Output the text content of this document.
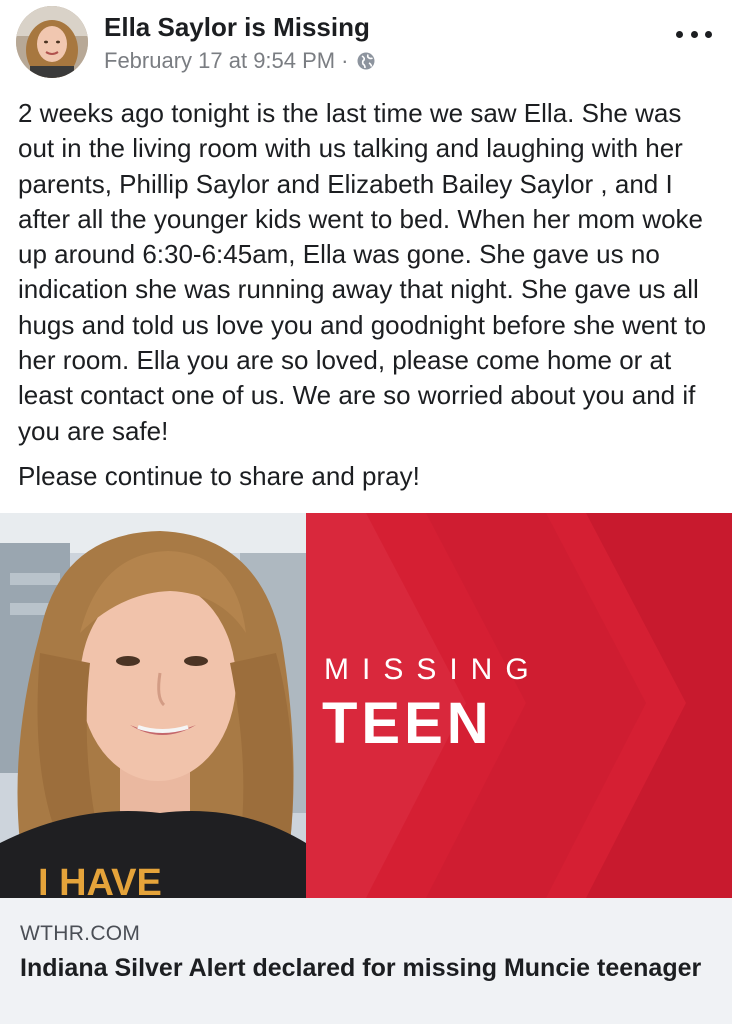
Ella Saylor is Missing
February 17 at 9:54 PM ·

2 weeks ago tonight is the last time we saw Ella. She was out in the living room with us talking and laughing with her parents, Phillip Saylor and Elizabeth Bailey Saylor , and I after all the younger kids went to bed. When her mom woke up around 6:30-6:45am, Ella was gone. She gave us no indication she was running away that night. She gave us all hugs and told us love you and goodnight before she went to her room. Ella you are so loved, please come home or at least contact one of us. We are so worried about you and if you are safe!

Please continue to share and pray!

I HAVE
MISSING
TEEN
WTHR.COM
Indiana Silver Alert declared for missing Muncie teenager
